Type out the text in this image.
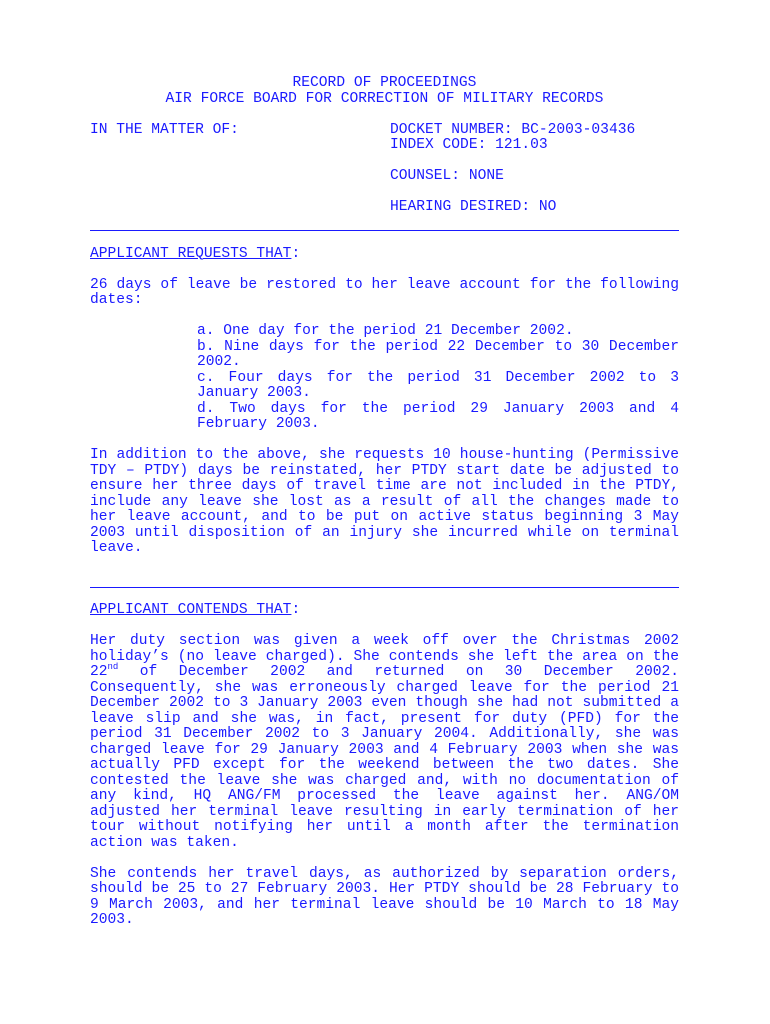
RECORD OF PROCEEDINGS

AIR FORCE BOARD FOR CORRECTION OF MILITARY RECORDS

IN THE MATTER OF:	DOCKET NUMBER: BC-2003-03436

INDEX CODE: 121.03

COUNSEL: NONE

HEARING DESIRED: NO

APPLICANT REQUESTS THAT:

26 days of leave be restored to her leave account for the following dates:

a. One day for the period 21 December 2002.

b. Nine days for the period 22 December to 30 December 2002.

c. Four days for the period 31 December 2002 to 3 January 2003.

d. Two days for the period 29 January 2003 and 4 February 2003.

In addition to the above, she requests 10 house-hunting (Permissive TDY – PTDY) days be reinstated, her PTDY start date be adjusted to ensure her three days of travel time are not included in the PTDY, include any leave she lost as a result of all the changes made to her leave account, and to be put on active status beginning 3 May 2003 until disposition of an injury she incurred while on terminal leave.

APPLICANT CONTENDS THAT:

Her duty section was given a week off over the Christmas 2002 holiday’s (no leave charged). She contends she left the area on the 22nd of December 2002 and returned on 30 December 2002. Consequently, she was erroneously charged leave for the period 21 December 2002 to 3 January 2003 even though she had not submitted a leave slip and she was, in fact, present for duty (PFD) for the period 31 December 2002 to 3 January 2004. Additionally, she was charged leave for 29 January 2003 and 4 February 2003 when she was actually PFD except for the weekend between the two dates. She contested the leave she was charged and, with no documentation of any kind, HQ ANG/FM processed the leave against her. ANG/OM adjusted her terminal leave resulting in early termination of her tour without notifying her until a month after the termination action was taken.

She contends her travel days, as authorized by separation orders, should be 25 to 27 February 2003. Her PTDY should be 28 February to 9 March 2003, and her terminal leave should be 10 March to 18 May 2003.
